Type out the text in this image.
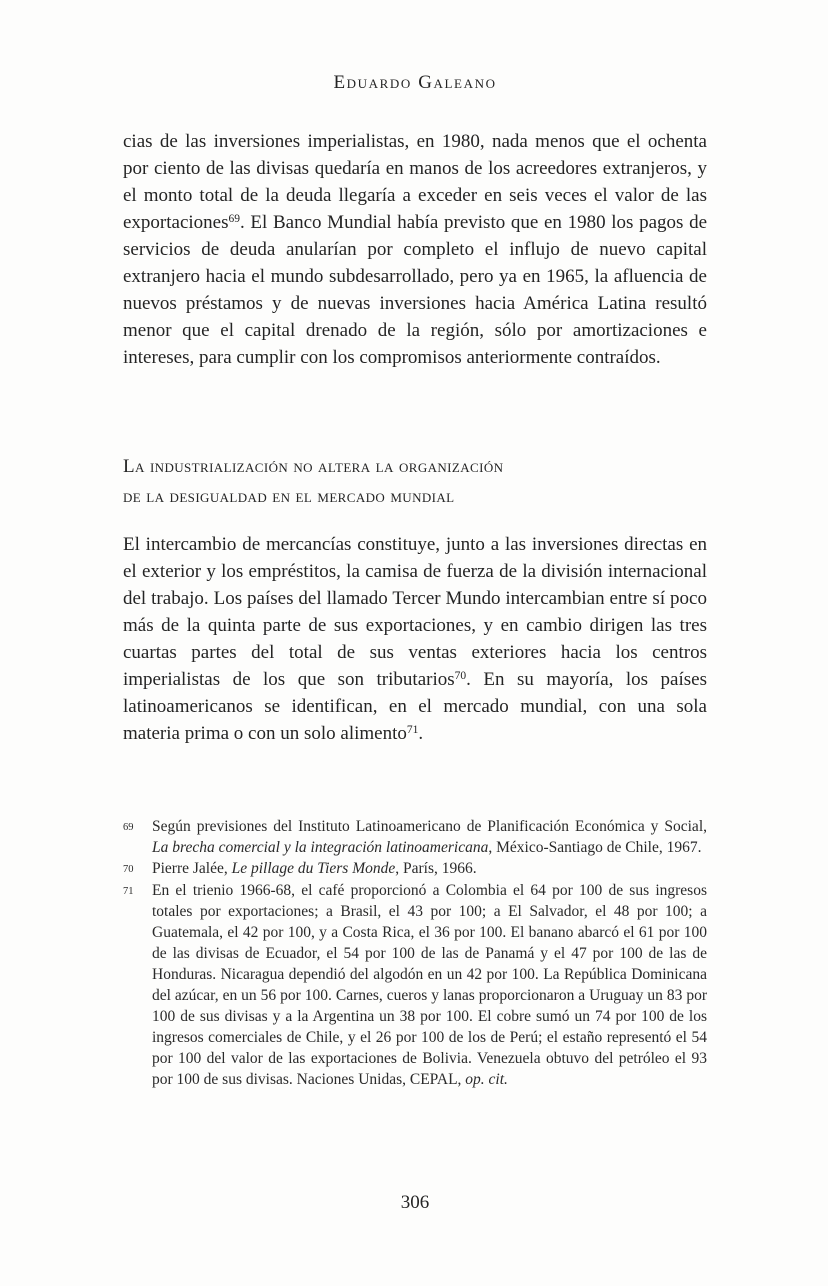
Eduardo Galeano

cias de las inversiones imperialistas, en 1980, nada menos que el ochenta por ciento de las divisas quedaría en manos de los acreedores extranjeros, y el monto total de la deuda llegaría a exceder en seis veces el valor de las exportaciones$^{69}$. El Banco Mundial había previsto que en 1980 los pagos de servicios de deuda anularían por completo el influjo de nuevo capital extranjero hacia el mundo subdesarrollado, pero ya en 1965, la afluencia de nuevos préstamos y de nuevas inversiones hacia América Latina resultó menor que el capital drenado de la región, sólo por amortizaciones e intereses, para cumplir con los compromisos anteriormente contraídos.

La industrialización no altera la organización
de la desigualdad en el mercado mundial

El intercambio de mercancías constituye, junto a las inversiones directas en el exterior y los empréstitos, la camisa de fuerza de la división internacional del trabajo. Los países del llamado Tercer Mundo intercambian entre sí poco más de la quinta parte de sus exportaciones, y en cambio dirigen las tres cuartas partes del total de sus ventas exteriores hacia los centros imperialistas de los que son tributarios$^{70}$. En su mayoría, los países latinoamericanos se identifican, en el mercado mundial, con una sola materia prima o con un solo alimento$^{71}$.

69	Según previsiones del Instituto Latinoamericano de Planificación Económica y Social, La brecha comercial y la integración latinoamericana, México-Santiago de Chile, 1967.
70	Pierre Jalée, Le pillage du Tiers Monde, París, 1966.
71	En el trienio 1966-68, el café proporcionó a Colombia el 64 por 100 de sus ingresos totales por exportaciones; a Brasil, el 43 por 100; a El Salvador, el 48 por 100; a Guatemala, el 42 por 100, y a Costa Rica, el 36 por 100. El banano abarcó el 61 por 100 de las divisas de Ecuador, el 54 por 100 de las de Panamá y el 47 por 100 de las de Honduras. Nicaragua dependió del algodón en un 42 por 100. La República Dominicana del azúcar, en un 56 por 100. Carnes, cueros y lanas proporcionaron a Uruguay un 83 por 100 de sus divisas y a la Argentina un 38 por 100. El cobre sumó un 74 por 100 de los ingresos comerciales de Chile, y el 26 por 100 de los de Perú; el estaño representó el 54 por 100 del valor de las exportaciones de Bolivia. Venezuela obtuvo del petróleo el 93 por 100 de sus divisas. Naciones Unidas, CEPAL, op. cit.
306
